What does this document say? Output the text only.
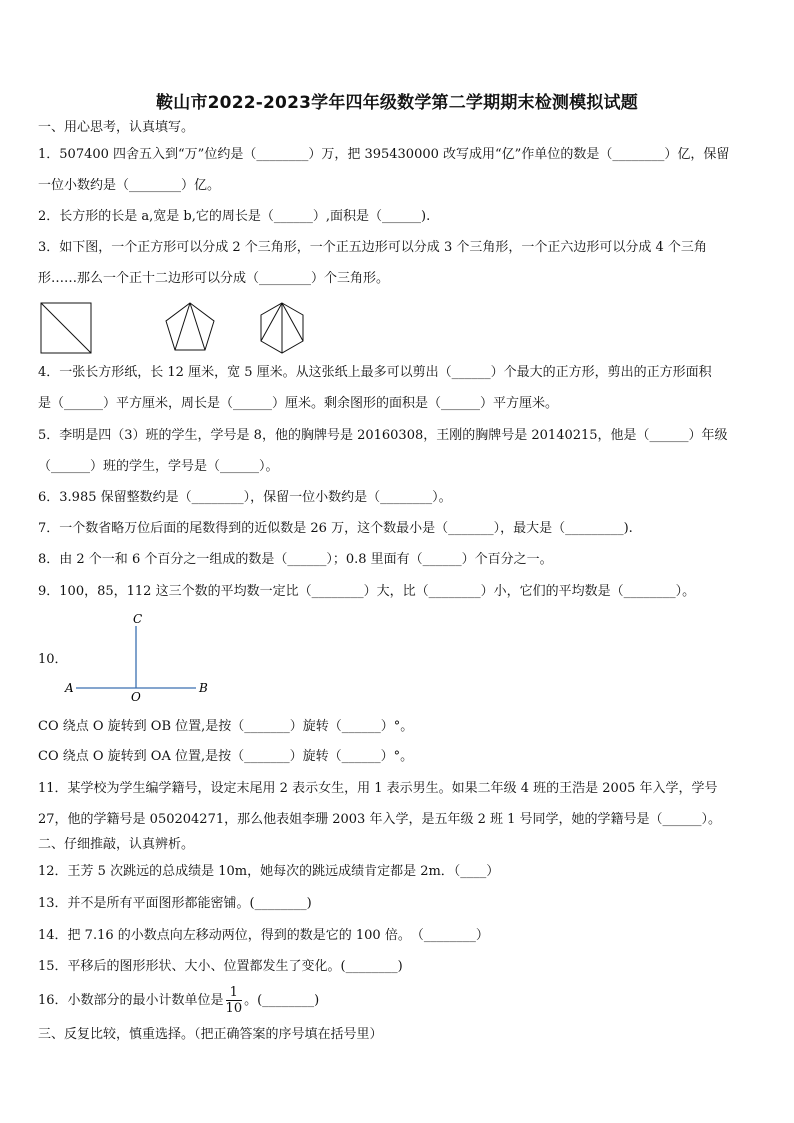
鞍山市2022-2023学年四年级数学第二学期期末检测模拟试题
一、用心思考，认真填写。
1．507400 四舍五入到“万”位约是（________）万，把 395430000 改写成用“亿”作单位的数是（________）亿，保留
一位小数约是（________）亿。
2．长方形的长是 a,宽是 b,它的周长是（______）,面积是（______).
3．如下图，一个正方形可以分成 2 个三角形，一个正五边形可以分成 3 个三角形，一个正六边形可以分成 4 个三角
形……那么一个正十二边形可以分成（________）个三角形。
4．一张长方形纸，长 12 厘米，宽 5 厘米。从这张纸上最多可以剪出（______）个最大的正方形，剪出的正方形面积
是（______）平方厘米，周长是（______）厘米。剩余图形的面积是（______）平方厘米。
5．李明是四（3）班的学生，学号是 8，他的胸牌号是 20160308，王刚的胸牌号是 20140215，他是（______）年级
（______）班的学生，学号是（______）。
6．3.985 保留整数约是（________），保留一位小数约是（________）。
7．一个数省略万位后面的尾数得到的近似数是 26 万，这个数最小是（_______），最大是（_________).
8．由 2 个一和 6 个百分之一组成的数是（______）；0.8 里面有（______）个百分之一。
9．100，85，112 这三个数的平均数一定比（________）大，比（________）小，它们的平均数是（________）。
10．
C
A
O
B
CO 绕点 O 旋转到 OB 位置,是按（_______）旋转（______）°。
CO 绕点 O 旋转到 OA 位置,是按（_______）旋转（______）°。
11．某学校为学生编学籍号，设定末尾用 2 表示女生，用 1 表示男生。如果二年级 4 班的王浩是 2005 年入学，学号
27，他的学籍号是 050204271，那么他表姐李珊 2003 年入学，是五年级 2 班 1 号同学，她的学籍号是（______）。
二、仔细推敲，认真辨析。
12．王芳 5 次跳远的总成绩是 10m，她每次的跳远成绩肯定都是 2m．（____）
13．并不是所有平面图形都能密铺。(________)
14．把 7.16 的小数点向左移动两位，得到的数是它的 100 倍。　（________）
15．平移后的图形形状、大小、位置都发生了变化。(________)
16．小数部分的最小计数单位是 $\frac{1}{10}$ 。(________)
三、反复比较，慎重选择。（把正确答案的序号填在括号里）
